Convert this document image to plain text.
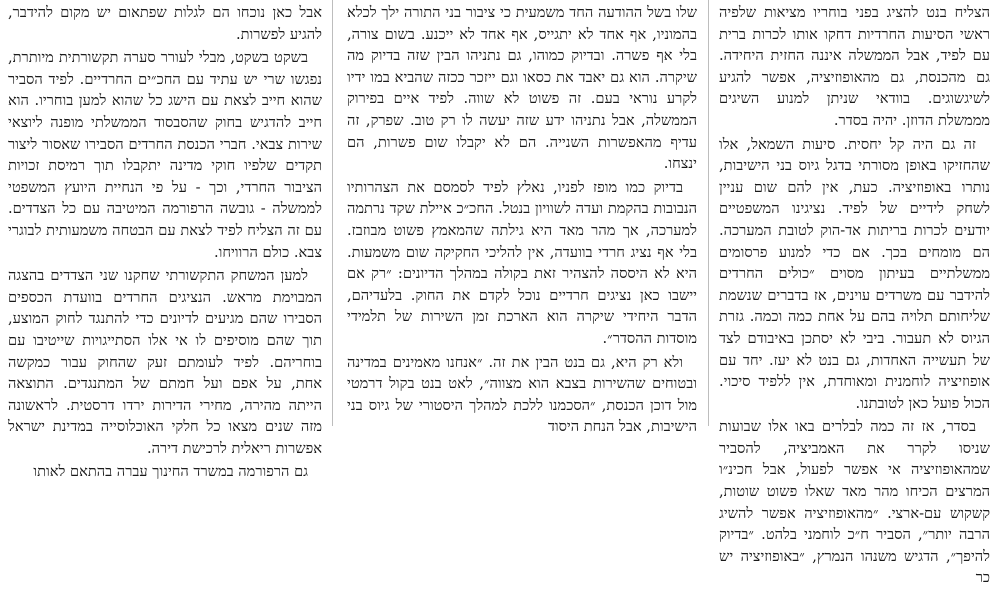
הצליח בנט להציג בפני בוחריו מציאות שלפיה ראשי הסיעות החרדיות דחקו אותו לכרות ברית עם לפיד, אבל הממשלה איננה החזית היחידה. גם מהכנסת, גם מהאופוזיציה, אפשר להגיע לשיגשוגים. בוודאי שניתן למנוע השיגים מממשלת הדוזן. יהיה בסדר.

זה גם היה קל יחסית. סיעות השמאל, אלו שהחזיקו באופן מסורתי בדגל גיוס בני הישיבות, נותרו באופוזיציה. כעת, אין להם שום עניין לשחק לידיים של לפיד. נציגינו המשפטיים יודעים לכרות בריתות אד-הוק לטובת המערכה. הם מומחים בכך. אם כדי למנוע פרסומים ממשלתיים בעיתון מסוים ״כולים החרדים להידבר עם משרדים עוינים, אז בדברים שנשמת שליחותם תלויה בהם על אחת כמה וכמה. גזרת הגיוס לא תעבור. ביבי לא יסתכן באיבודם לצד של תעשייה האחדות, גם בנט לא יעז. יחד עם אופוזיציה לוחמנית ומאוחדת, אין ללפיד סיכוי. הכול פועל כאן לטובתנו.

בסדר, אז זה כמה לבלרים באו אלו שבועות שניסו לקרר את האמביציה, להסביר שמהאופוזיציה אי אפשר לפעול, אבל חכינ״ו המרצים הכיחו מהר מאד שאלו פשוט שוטות, קשקוש עם-ארצי. ״מהאופוזיציה אפשר להשיג הרבה יותר״, הסביר ח״כ לוחמני בלהט. ״בדיוק להיפך״, הדגיש משנהו הנמרץ, ״באופוזיציה יש כר

שלו בשל ההודעה החד משמעית כי ציבור בני התורה ילך לכלא בהמוניו, אף אחד לא יתגייס, אף אחד לא ייכנע. בשום צורה, בלי אף פשרה. ובדיוק כמוהו, גם נתניהו הבין שזה בדיוק מה שיקרה. הוא גם יאבד את כסאו וגם ייזכר ככזה שהביא במו ידיו לקרע נוראי בעם. זה פשוט לא שווה. לפיד איים בפירוק הממשלה, אבל נתניהו ידע שזה יעשה לו רק טוב. שפרק, זה עדיף מהאפשרות השנייה. הם לא יקבלו שום פשרות, הם ינצחו.

בדיוק כמו מופז לפניו, נאלץ לפיד לסמסם את הצהרותיו הנבובות בהקמת ועדה לשוויון בנטל. החכ״כ איילת שקד נרתמה למערכה, אך מהר מאד היא גילתה שהמאמץ פשוט מבוזבז. בלי אף נציג חרדי בוועדה, אין להליכי החקיקה שום משמעות. היא לא היססה להצהיר זאת בקולה במהלך הדיונים: ״רק אם יישבו כאן נציגים חרדיים נוכל לקדם את החוק. בלעדיהם, הדבר היחידי שיקרה הוא הארכת זמן השירות של תלמידי מוסדות ההסדר״.

ולא רק היא, גם בנט הבין את זה. ״אנחנו מאמינים במדינה ובטוחים שהשירות בצבא הוא מצווה״, לאט בנט בקול דרמטי מול דוכן הכנסת, ״הסכמנו ללכת למהלך היסטורי של גיוס בני הישיבות, אבל הנחת היסוד

אבל כאן נוכחו הם לגלות שפתאום יש מקום להידבר, להגיע לפשרות.

בשקט בשקט, מבלי לעורר סערה תקשורתית מיותרת, נפגשו שרי יש עתיד עם החכ״ים החרדיים. לפיד הסביר שהוא חייב לצאת עם הישג כל שהוא למען בוחריו. הוא חייב להדגיש בחוק שהסבסוד הממשלתי מופנה ליוצאי שירות צבאי. חברי הכנסת החרדים הסבירו שאסור ליצור תקדים שלפיו חוקי מדינה יתקבלו תוך רמיסת זכויות הציבור החרדי, וכך - על פי הנחיית היועץ המשפטי לממשלה - גובשה הרפורמה המיטיבה עם כל הצדדים. עם זה הצליח לפיד לצאת עם הבטחה משמעותית לבוגרי צבא. כולם הרוויחו.

למען המשחק התקשורתי שחקנו שני הצדדים בהצגה המבוימת מראש. הנציגים החרדים בוועדת הכספים הסבירו שהם מגיעים לדיונים כדי להתנגד לחוק המוצע, תוך שהם מוסיפים לו אי אלו הסתייגויות שייטיבו עם בוחריהם. לפיד לעומתם זעק שהחוק עבור כמקשה אחת, על אפם ועל חמתם של המתנגדים. התוצאה הייתה מהירה, מחירי הדירות ירדו דרסטית. לראשונה מזה שנים מצאו כל חלקי האוכלוסייה במדינת ישראל אפשרות ריאלית לרכישת דירה.

גם הרפורמה במשרד החינוך עברה בהתאם לאותו
